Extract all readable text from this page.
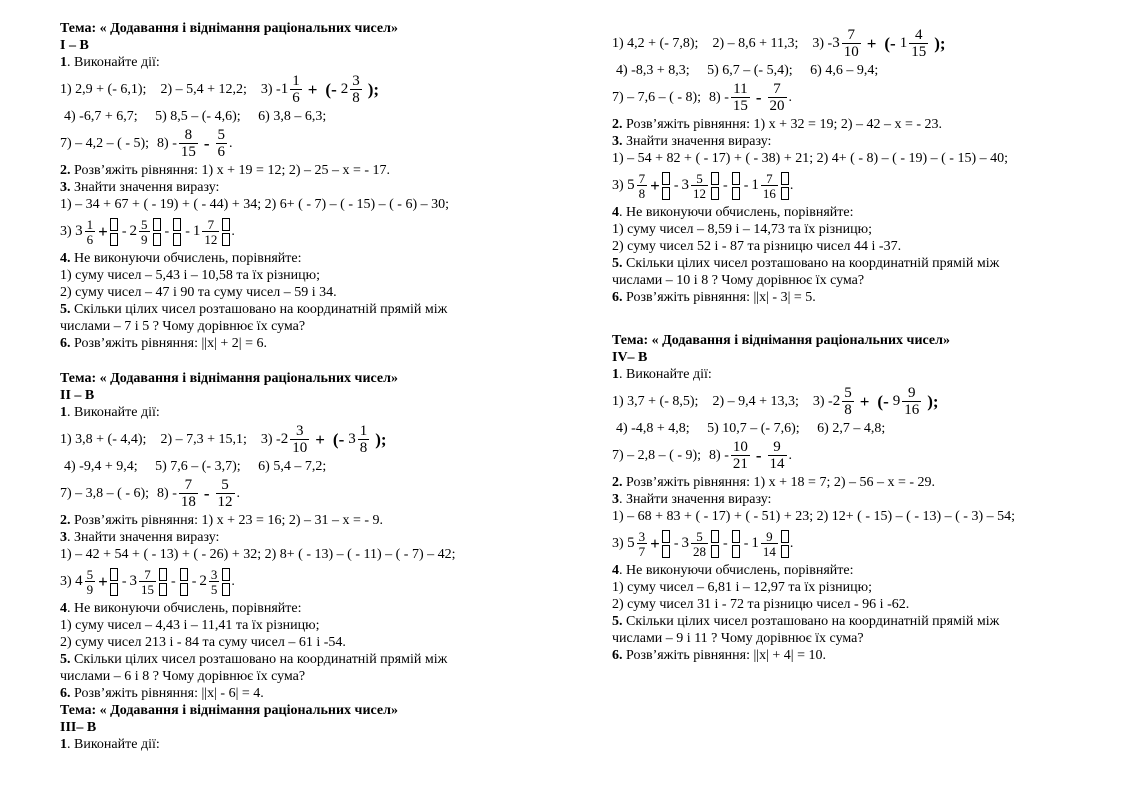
Тема: « Додавання і віднімання раціональних чисел»
І – В
1. Виконайте дії:
1) 2,9 + (- 6,1); 2) – 5,4 + 12,2; $3) - 1 \frac{1}{6}$ + (- $2 \frac{3}{8}$ );
4) -6,7 + 6,7; 5) 8,5 – (- 4,6); 6) 3,8 – 6,3;
7) – 4,2 – ( - 5); $8) - \frac{8}{15} - \frac{5}{6}$ .
2. Розв’яжіть рівняння: 1) х + 19 = 12; 2) – 25 – х = - 17.
3. Знайти значення виразу:
1) – 34 + 67 + ( - 19) + ( - 44) + 34; 2) 6+ ( - 7) – ( - 15) – ( - 6) – 30;
3)
$3 \frac{1}{6}$ + - $2 \frac{5}{9}$ - - $1 \frac{7}{12}$ .
4. Не виконуючи обчислень, порівняйте:
1) суму чисел – 5,43 і – 10,58 та їх різницю;
2) суму чисел – 47 і 90 та суму чисел – 59 і 34.
5. Скільки цілих чисел розташовано на координатній прямій між
числами – 7 і 5 ? Чому дорівнює їх сума?
6. Розв’яжіть рівняння: ||x| + 2| = 6.
Тема: « Додавання і віднімання раціональних чисел»
ІІ – В
1. Виконайте дії:
1) 3,8 + (- 4,4); 2) – 7,3 + 15,1; $3) - 2 \frac{3}{10}$ + (- $3 \frac{1}{8}$ );
4) -9,4 + 9,4; 5) 7,6 – (- 3,7); 6) 5,4 – 7,2;
7) – 3,8 – ( - 6); $8) - \frac{7}{18} - \frac{5}{12}$ .
2. Розв’яжіть рівняння: 1) х + 23 = 16; 2) – 31 – х = - 9.
3. Знайти значення виразу:
1) – 42 + 54 + ( - 13) + ( - 26) + 32; 2) 8+ ( - 13) – ( - 11) – ( - 7) – 42;
3)
$4 \frac{5}{9}$ + - $3 \frac{7}{15}$ - - $2 \frac{3}{5}$ .
4. Не виконуючи обчислень, порівняйте:
1) суму чисел – 4,43 і – 11,41 та їх різницю;
2) суму чисел 213 і - 84 та суму чисел – 61 і -54.
5. Скільки цілих чисел розташовано на координатній прямій між
числами – 6 і 8 ? Чому дорівнює їх сума?
6. Розв’яжіть рівняння: ||x| - 6| = 4.
Тема: « Додавання і віднімання раціональних чисел»
ІІІ– В
1. Виконайте дії:
1) 4,2 + (- 7,8); 2) – 8,6 + 11,3; $3) - 3 \frac{7}{10}$ + (- $1 \frac{4}{15}$ );
4) -8,3 + 8,3; 5) 6,7 – (- 5,4); 6) 4,6 – 9,4;
7) – 7,6 – ( - 8); $8) - \frac{11}{15} - \frac{7}{20}$ .
2. Розв’яжіть рівняння: 1) х + 32 = 19; 2) – 42 – х = - 23.
3. Знайти значення виразу:
1) – 54 + 82 + ( - 17) + ( - 38) + 21; 2) 4+ ( - 8) – ( - 19) – ( - 15) – 40;
3)
$5 \frac{7}{8}$ + - $3 \frac{5}{12}$ - - $1 \frac{7}{16}$ .
4. Не виконуючи обчислень, порівняйте:
1) суму чисел – 8,59 і – 14,73 та їх різницю;
2) суму чисел 52 і - 87 та різницю чисел 44 і -37.
5. Скільки цілих чисел розташовано на координатній прямій між
числами – 10 і 8 ? Чому дорівнює їх сума?
6. Розв’яжіть рівняння: ||x| - 3| = 5.
Тема: « Додавання і віднімання раціональних чисел»
ІV– В
1. Виконайте дії:
1) 3,7 + (- 8,5); 2) – 9,4 + 13,3; $3) - 2 \frac{5}{8}$ + (- $9 \frac{9}{16}$ );
4) -4,8 + 4,8; 5) 10,7 – (- 7,6); 6) 2,7 – 4,8;
7) – 2,8 – ( - 9); $8) - \frac{10}{21} - \frac{9}{14}$ .
2. Розв’яжіть рівняння: 1) х + 18 = 7; 2) – 56 – х = - 29.
3. Знайти значення виразу:
1) – 68 + 83 + ( - 17) + ( - 51) + 23; 2) 12+ ( - 15) – ( - 13) – ( - 3) – 54;
3)
$5 \frac{3}{7}$ + - $3 \frac{5}{28}$ - - $1 \frac{9}{14}$ .
4. Не виконуючи обчислень, порівняйте:
1) суму чисел – 6,81 і – 12,97 та їх різницю;
2) суму чисел 31 і - 72 та різницю чисел - 96 і -62.
5. Скільки цілих чисел розташовано на координатній прямій між
числами – 9 і 11 ? Чому дорівнює їх сума?
6. Розв’яжіть рівняння: ||x| + 4| = 10.
